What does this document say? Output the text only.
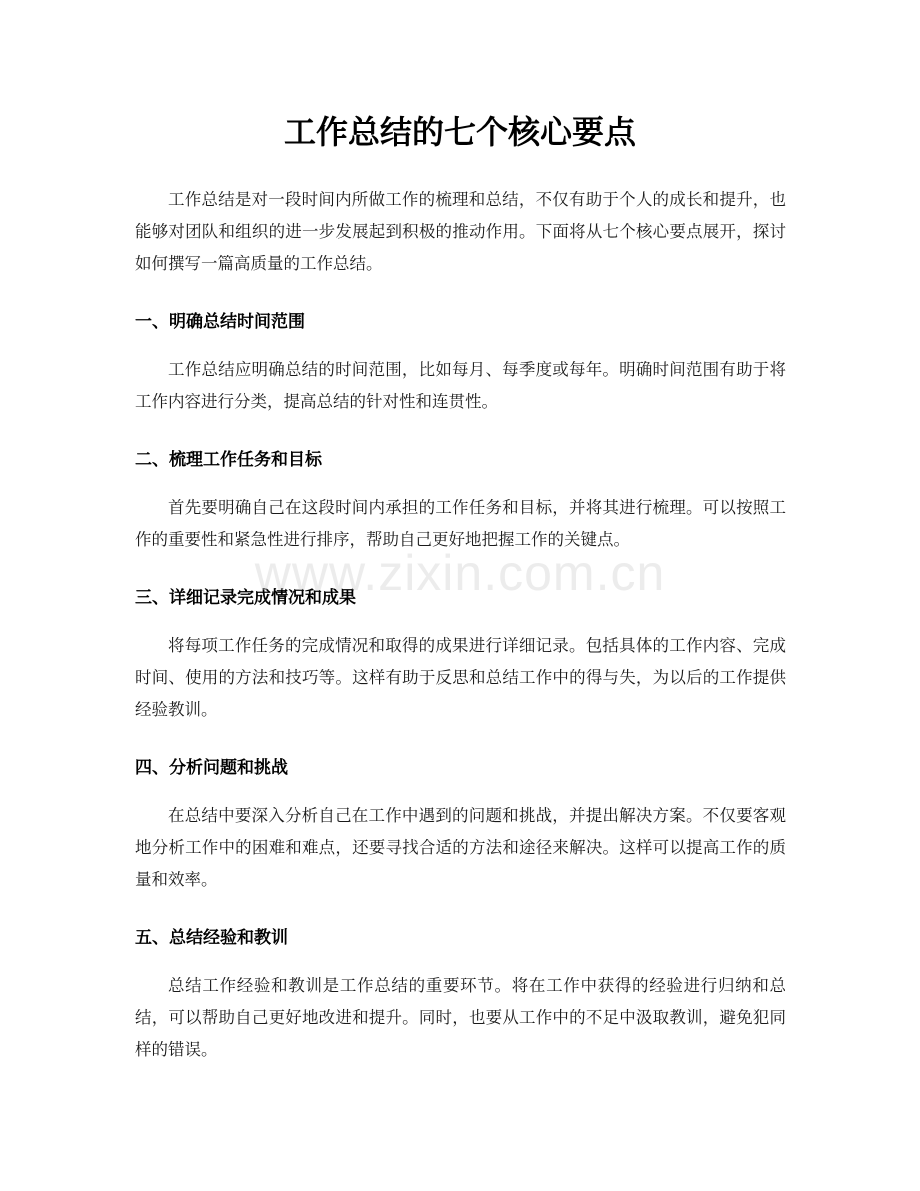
工作总结的七个核心要点

工作总结是对一段时间内所做工作的梳理和总结，不仅有助于个人的成长和提升，也能够对团队和组织的进一步发展起到积极的推动作用。下面将从七个核心要点展开，探讨如何撰写一篇高质量的工作总结。

一、明确总结时间范围

工作总结应明确总结的时间范围，比如每月、每季度或每年。明确时间范围有助于将工作内容进行分类，提高总结的针对性和连贯性。

二、梳理工作任务和目标

首先要明确自己在这段时间内承担的工作任务和目标，并将其进行梳理。可以按照工作的重要性和紧急性进行排序，帮助自己更好地把握工作的关键点。

三、详细记录完成情况和成果

将每项工作任务的完成情况和取得的成果进行详细记录。包括具体的工作内容、完成时间、使用的方法和技巧等。这样有助于反思和总结工作中的得与失，为以后的工作提供经验教训。

四、分析问题和挑战

在总结中要深入分析自己在工作中遇到的问题和挑战，并提出解决方案。不仅要客观地分析工作中的困难和难点，还要寻找合适的方法和途径来解决。这样可以提高工作的质量和效率。

五、总结经验和教训

总结工作经验和教训是工作总结的重要环节。将在工作中获得的经验进行归纳和总结，可以帮助自己更好地改进和提升。同时，也要从工作中的不足中汲取教训，避免犯同样的错误。

www.zixin.com.cn
